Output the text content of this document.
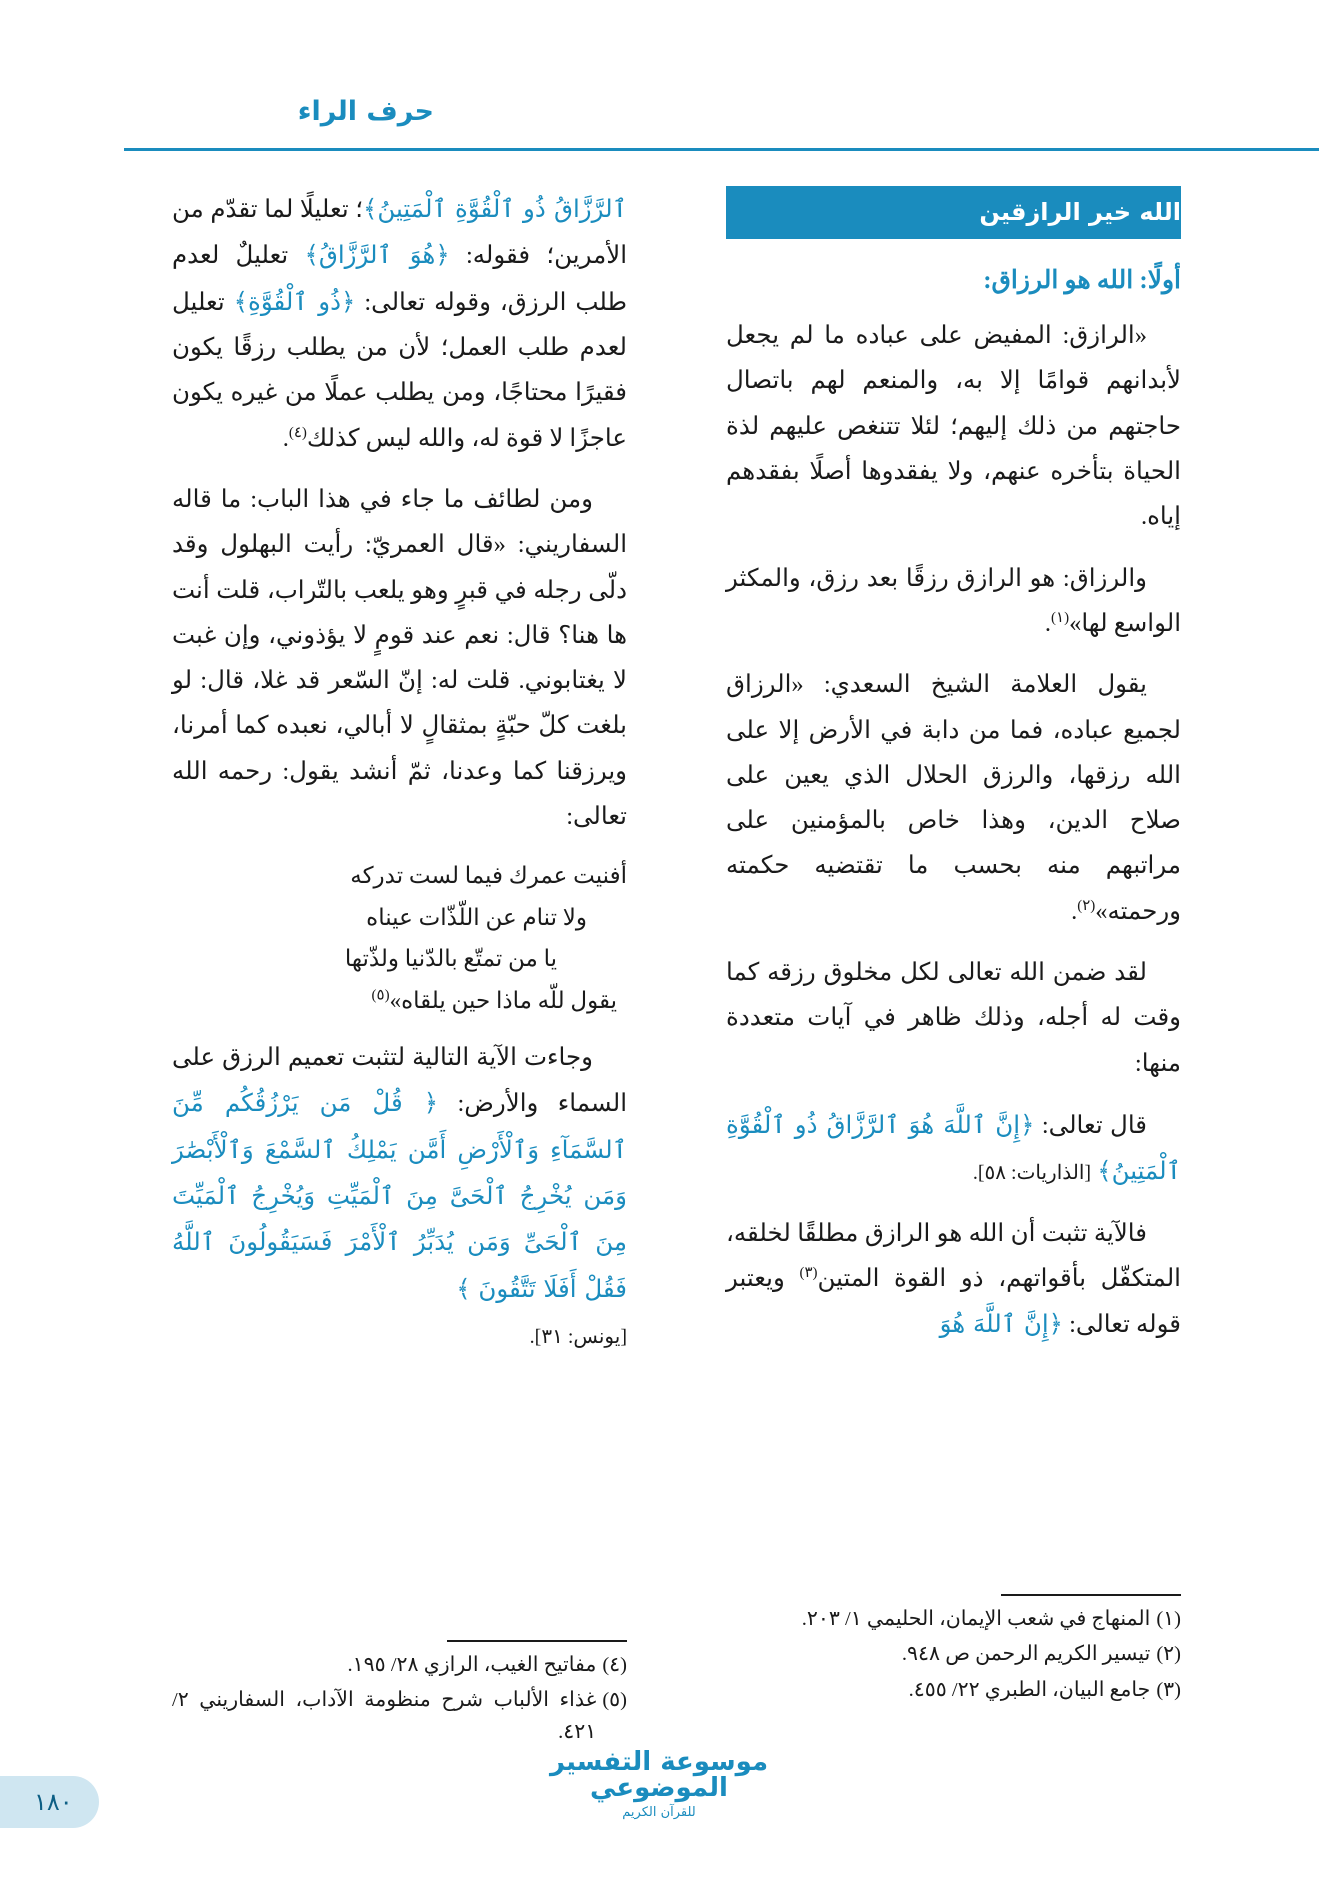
حرف الراء
الله خير الرازقين
أولًا: الله هو الرزاق:

«الرازق: المفيض على عباده ما لم يجعل لأبدانهم قوامًا إلا به، والمنعم لهم باتصال حاجتهم من ذلك إليهم؛ لئلا تتنغص عليهم لذة الحياة بتأخره عنهم، ولا يفقدوها أصلًا بفقدهم إياه.

والرزاق: هو الرازق رزقًا بعد رزق، والمكثر الواسع لها»$^{(١)}$.

يقول العلامة الشيخ السعدي: «الرزاق لجميع عباده، فما من دابة في الأرض إلا على الله رزقها، والرزق الحلال الذي يعين على صلاح الدين، وهذا خاص بالمؤمنين على مراتبهم منه بحسب ما تقتضيه حكمته ورحمته»$^{(٢)}$.

لقد ضمن الله تعالى لكل مخلوق رزقه كما وقت له أجله، وذلك ظاهر في آيات متعددة منها:

قال تعالى: ﴿إِنَّ ٱللَّهَ هُوَ ٱلرَّزَّاقُ ذُو ٱلْقُوَّةِ ٱلْمَتِينُ﴾ [الذاريات: ٥٨].

فالآية تثبت أن الله هو الرازق مطلقًا لخلقه، المتكفّل بأقواتهم، ذو القوة المتين$^{(٣)}$ ويعتبر قوله تعالى: ﴿إِنَّ ٱللَّهَ هُوَ

ٱلرَّزَّاقُ ذُو ٱلْقُوَّةِ ٱلْمَتِينُ﴾؛ تعليلًا لما تقدّم من الأمرين؛ فقوله: ﴿هُوَ ٱلرَّزَّاقُ﴾ تعليلٌ لعدم طلب الرزق، وقوله تعالى: ﴿ذُو ٱلْقُوَّةِ﴾ تعليل لعدم طلب العمل؛ لأن من يطلب رزقًا يكون فقيرًا محتاجًا، ومن يطلب عملًا من غيره يكون عاجزًا لا قوة له، والله ليس كذلك$^{(٤)}$.

ومن لطائف ما جاء في هذا الباب: ما قاله السفاريني: «قال العمريّ: رأيت البهلول وقد دلّى رجله في قبرٍ وهو يلعب بالتّراب، قلت أنت ها هنا؟ قال: نعم عند قومٍ لا يؤذوني، وإن غبت لا يغتابوني. قلت له: إنّ السّعر قد غلا، قال: لو بلغت كلّ حبّةٍ بمثقالٍ لا أبالي، نعبده كما أمرنا، ويرزقنا كما وعدنا، ثمّ أنشد يقول: رحمه الله تعالى:

أفنيت عمرك فيما لست تدركه

ولا تنام عن اللّذّات عيناه

يا من تمتّع بالدّنيا ولذّتها

يقول للّه ماذا حين يلقاه»$^{(٥)}$

وجاءت الآية التالية لتثبت تعميم الرزق على السماء والأرض: ﴿ قُلْ مَن يَرْزُقُكُم مِّنَ ٱلسَّمَآءِ وَٱلْأَرْضِ أَمَّن يَمْلِكُ ٱلسَّمْعَ وَٱلْأَبْصَٰرَ وَمَن يُخْرِجُ ٱلْحَىَّ مِنَ ٱلْمَيِّتِ وَيُخْرِجُ ٱلْمَيِّتَ مِنَ ٱلْحَىِّ وَمَن يُدَبِّرُ ٱلْأَمْرَ فَسَيَقُولُونَ ٱللَّهُ فَقُلْ أَفَلَا تَتَّقُونَ ﴾

[يونس: ٣١].

(١)
المنهاج في شعب الإيمان، الحليمي ١/ ٢٠٣.
(٢)
تيسير الكريم الرحمن ص ٩٤٨.
(٣)
جامع البيان، الطبري ٢٢/ ٤٥٥.
(٤)
مفاتيح الغيب، الرازي ٢٨/ ١٩٥.
(٥)
غذاء الألباب شرح منظومة الآداب، السفاريني ٢/ ٤٢١.
موسوعة التفسير الموضوعي
للقرآن الكريم
١٨٠
